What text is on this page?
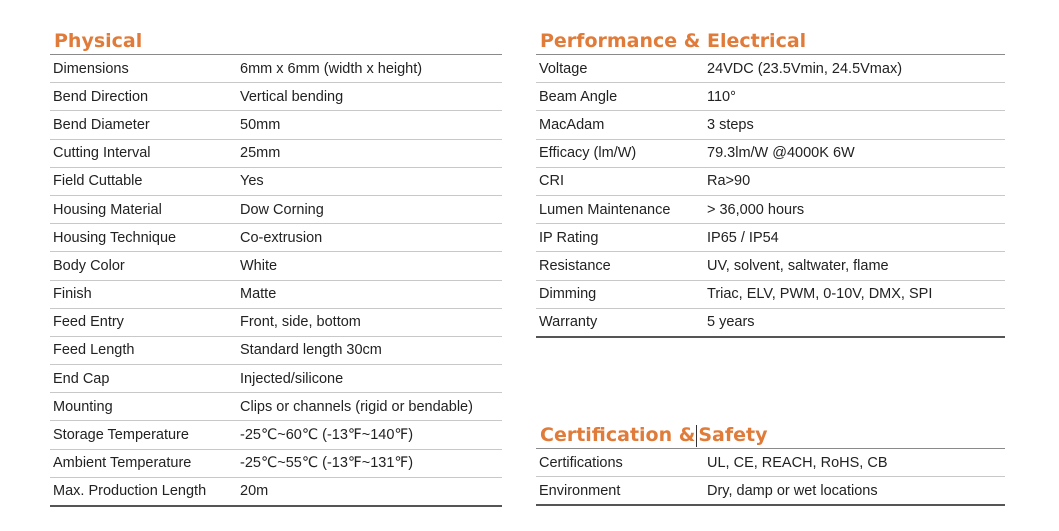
Physical
Dimensions	6mm x 6mm (width x height)
Bend Direction	Vertical bending
Bend Diameter	50mm
Cutting Interval	25mm
Field Cuttable	Yes
Housing Material	Dow Corning
Housing Technique	Co-extrusion
Body Color	White
Finish	Matte
Feed Entry	Front, side, bottom
Feed Length	Standard length 30cm
End Cap	Injected/silicone
Mounting	Clips or channels (rigid or bendable)
Storage Temperature	-25℃~60℃ (-13℉~140℉)
Ambient Temperature	-25℃~55℃ (-13℉~131℉)
Max. Production Length	20m
Performance & Electrical
Voltage	24VDC (23.5Vmin, 24.5Vmax)
Beam Angle	110°
MacAdam	3 steps
Efficacy (lm/W)	79.3lm/W @4000K 6W
CRI	Ra>90
Lumen Maintenance	> 36,000 hours
IP Rating	IP65 / IP54
Resistance	UV, solvent, saltwater, flame
Dimming	Triac, ELV, PWM, 0-10V, DMX, SPI
Warranty	5 years
Certification & Safety
Certifications	UL, CE, REACH, RoHS, CB
Environment	Dry, damp or wet locations
